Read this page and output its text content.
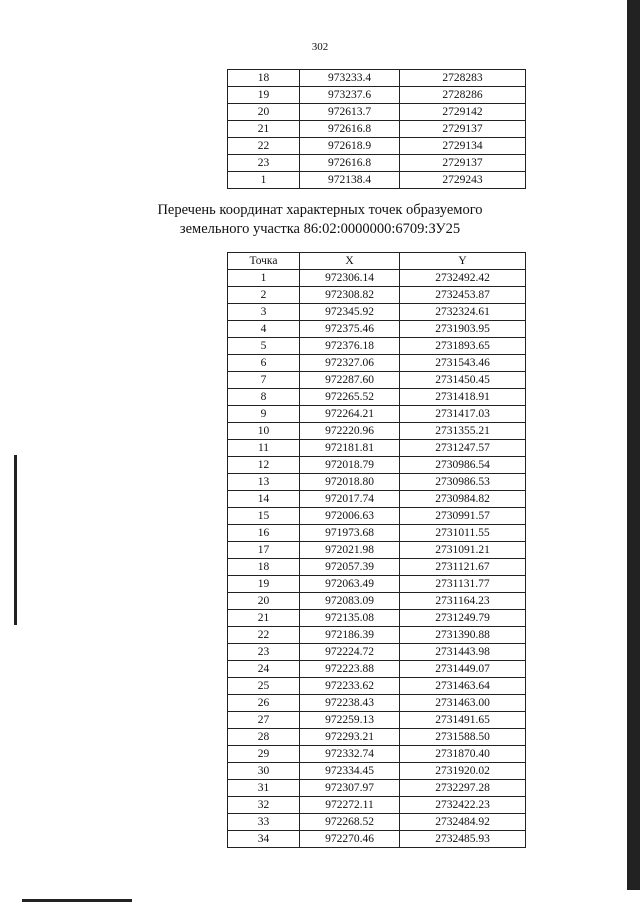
302
18	973233.4	2728283
19	973237.6	2728286
20	972613.7	2729142
21	972616.8	2729137
22	972618.9	2729134
23	972616.8	2729137
1	972138.4	2729243
Перечень координат характерных точек образуемого
земельного участка 86:02:0000000:6709:ЗУ25
Точка	X	Y
1	972306.14	2732492.42
2	972308.82	2732453.87
3	972345.92	2732324.61
4	972375.46	2731903.95
5	972376.18	2731893.65
6	972327.06	2731543.46
7	972287.60	2731450.45
8	972265.52	2731418.91
9	972264.21	2731417.03
10	972220.96	2731355.21
11	972181.81	2731247.57
12	972018.79	2730986.54
13	972018.80	2730986.53
14	972017.74	2730984.82
15	972006.63	2730991.57
16	971973.68	2731011.55
17	972021.98	2731091.21
18	972057.39	2731121.67
19	972063.49	2731131.77
20	972083.09	2731164.23
21	972135.08	2731249.79
22	972186.39	2731390.88
23	972224.72	2731443.98
24	972223.88	2731449.07
25	972233.62	2731463.64
26	972238.43	2731463.00
27	972259.13	2731491.65
28	972293.21	2731588.50
29	972332.74	2731870.40
30	972334.45	2731920.02
31	972307.97	2732297.28
32	972272.11	2732422.23
33	972268.52	2732484.92
34	972270.46	2732485.93
